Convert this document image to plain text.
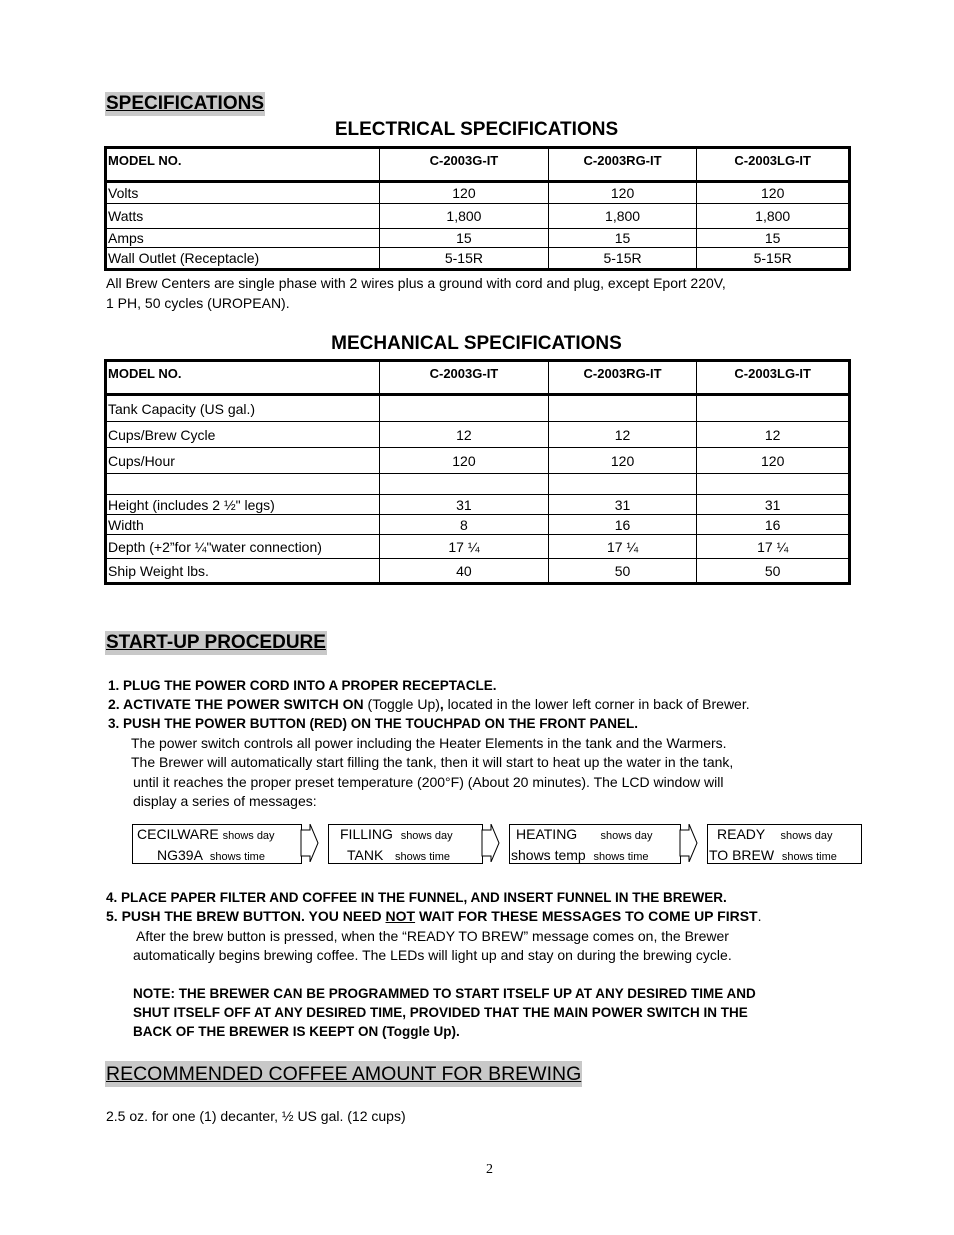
SPECIFICATIONS
ELECTRICAL SPECIFICATIONS
MODEL NO.	C-2003G-IT	C-2003RG-IT	C-2003LG-IT
Volts	120	120	120
Watts	1,800	1,800	1,800
Amps	15	15	15
Wall Outlet (Receptacle)	5-15R	5-15R	5-15R
All Brew Centers are single phase with 2 wires plus a ground with cord and plug, except Eport 220V,
1 PH, 50 cycles (UROPEAN).
MECHANICAL SPECIFICATIONS
MODEL NO.	C-2003G-IT	C-2003RG-IT	C-2003LG-IT
Tank Capacity (US gal.)			
Cups/Brew Cycle	12	12	12
Cups/Hour	120	120	120

Height (includes 2 ½" legs)	31	31	31
Width	8	16	16
Depth (+2”for ¼"water connection)	17 ¼	17 ¼	17 ¼
Ship Weight lbs.	40	50	50
START-UP PROCEDURE
1. PLUG THE POWER CORD INTO A PROPER RECEPTACLE.
2. ACTIVATE THE POWER SWITCH ON (Toggle Up), located in the lower left corner in back of Brewer.
3. PUSH THE POWER BUTTON (RED) ON THE TOUCHPAD ON THE FRONT PANEL.
The power switch controls all power including the Heater Elements in the tank and the Warmers.
The Brewer will automatically start filling the tank, then it will start to heat up the water in the tank,
until it reaches the proper preset temperature (200°F) (About 20 minutes). The LCD window will
display a series of messages:
CECILWARE shows day
NG39A shows time
FILLING shows day
TANK shows time
HEATING shows day
shows temp shows time
READY shows day
TO BREW shows time
4. PLACE PAPER FILTER AND COFFEE IN THE FUNNEL, AND INSERT FUNNEL IN THE BREWER.
5. PUSH THE BREW BUTTON. YOU NEED NOT WAIT FOR THESE MESSAGES TO COME UP FIRST.
After the brew button is pressed, when the “READY TO BREW” message comes on, the Brewer
automatically begins brewing coffee. The LEDs will light up and stay on during the brewing cycle.
NOTE: THE BREWER CAN BE PROGRAMMED TO START ITSELF UP AT ANY DESIRED TIME AND
SHUT ITSELF OFF AT ANY DESIRED TIME, PROVIDED THAT THE MAIN POWER SWITCH IN THE
BACK OF THE BREWER IS KEEPT ON (Toggle Up).
RECOMMENDED COFFEE AMOUNT FOR BREWING
2.5 oz. for one (1) decanter, ½ US gal. (12 cups)
2
